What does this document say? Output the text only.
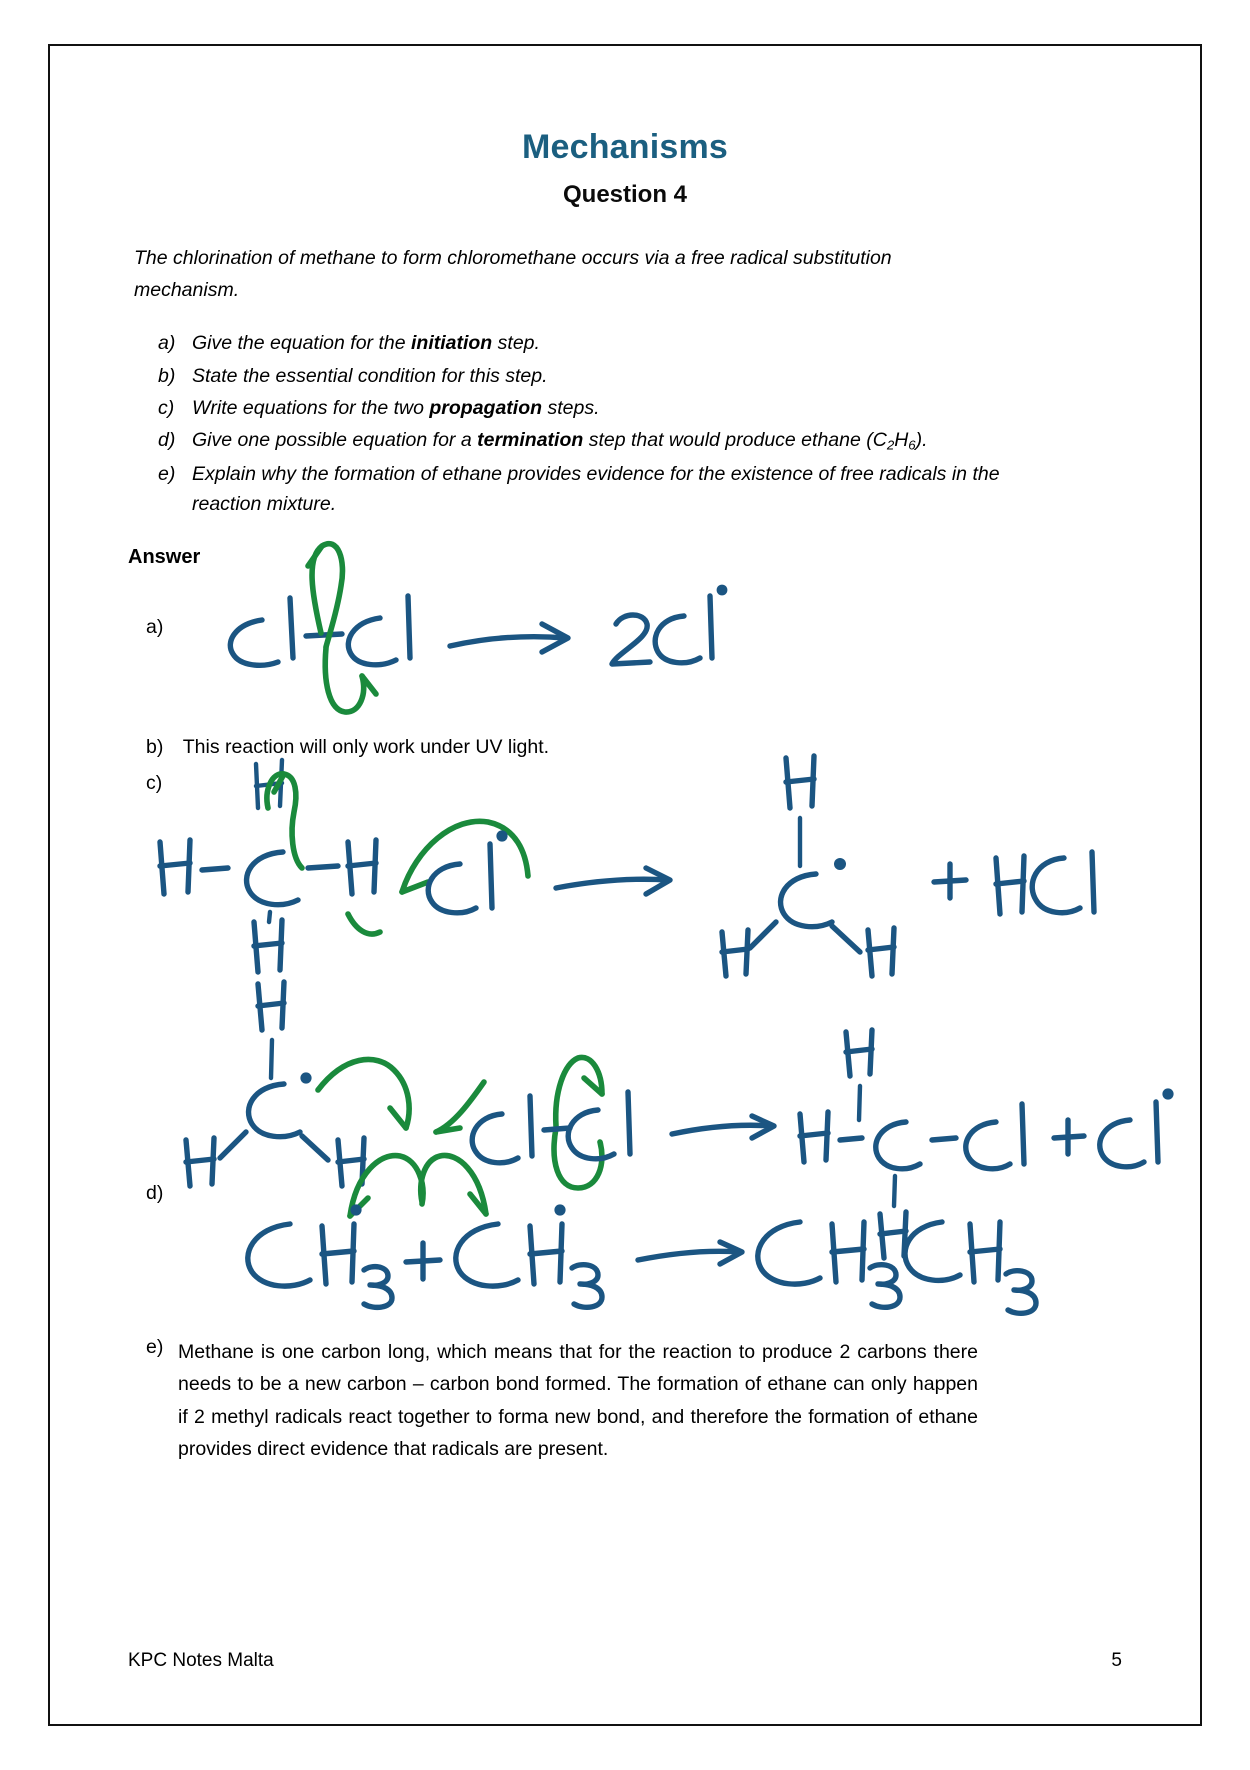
Mechanisms
Question 4

The chlorination of methane to form chloromethane occurs via a free radical substitution mechanism.

a) Give the equation for the initiation step.
b) State the essential condition for this step.
c) Write equations for the two propagation steps.
d) Give one possible equation for a termination step that would produce ethane $(C_2H_6)$.
e) Explain why the formation of ethane provides evidence for the existence of free radicals in the reaction mixture.
Answer
a)
b) This reaction will only work under UV light.
c)
d)
e) Methane is one carbon long, which means that for the reaction to produce 2 carbons there needs to be a new carbon – carbon bond formed. The formation of ethane can only happen if 2 methyl radicals react together to forma new bond, and therefore the formation of ethane provides direct evidence that radicals are present.
KPC Notes Malta	5
